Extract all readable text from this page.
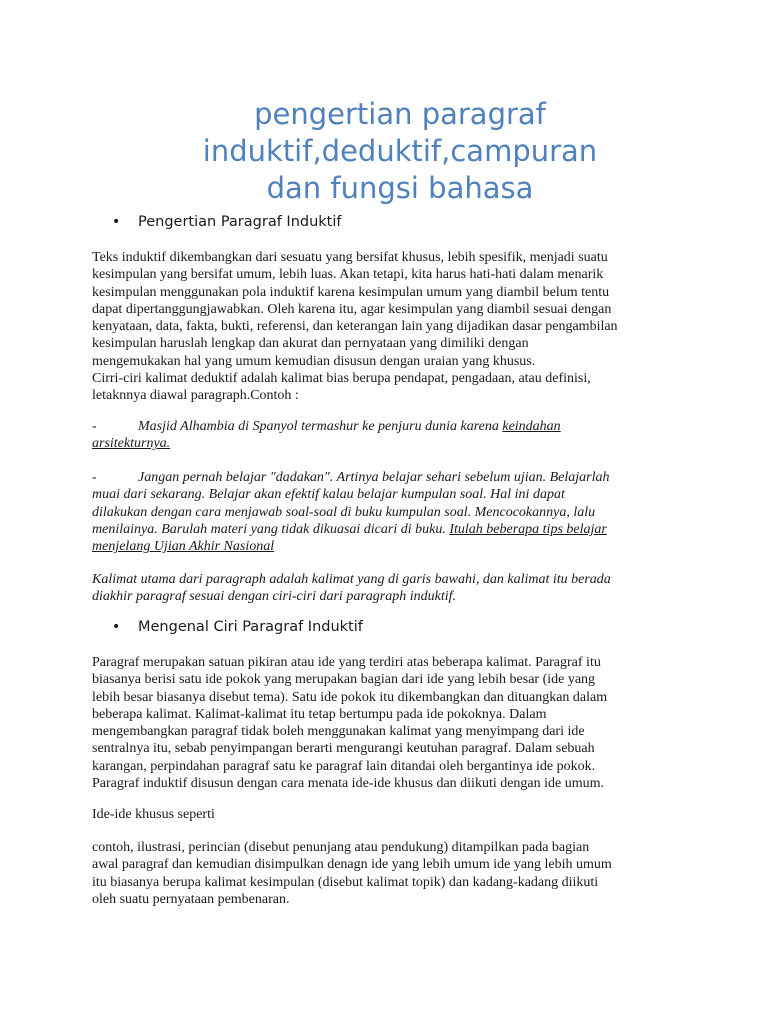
pengertian paragraf
induktif,deduktif,campuran
dan fungsi bahasa
• Pengertian Paragraf Induktif
Teks induktif dikembangkan dari sesuatu yang bersifat khusus, lebih spesifik, menjadi suatu
kesimpulan yang bersifat umum, lebih luas. Akan tetapi, kita harus hati-hati dalam menarik
kesimpulan menggunakan pola induktif karena kesimpulan umum yang diambil belum tentu
dapat dipertanggungjawabkan. Oleh karena itu, agar kesimpulan yang diambil sesuai dengan
kenyataan, data, fakta, bukti, referensi, dan keterangan lain yang dijadikan dasar pengambilan
kesimpulan haruslah lengkap dan akurat dan pernyataan yang dimiliki dengan
mengemukakan hal yang umum kemudian disusun dengan uraian yang khusus.
Cirri-ciri kalimat deduktif adalah kalimat bias berupa pendapat, pengadaan, atau definisi,
letaknnya diawal paragraph.Contoh :
-	Masjid Alhambia di Spanyol termashur ke penjuru dunia karena keindahan
arsitekturnya.
-	Jangan pernah belajar "dadakan". Artinya belajar sehari sebelum ujian. Belajarlah
muai dari sekarang. Belajar akan efektif kalau belajar kumpulan soal. Hal ini dapat
dilakukan dengan cara menjawab soal-soal di buku kumpulan soal. Mencocokannya, lalu
menilainya. Barulah materi yang tidak dikuasai dicari di buku. Itulah beberapa tips belajar
menjelang Ujian Akhir Nasional
Kalimat utama dari paragraph adalah kalimat yang di garis bawahi, dan kalimat itu berada
diakhir paragraf sesuai dengan ciri-ciri dari paragraph induktif.
• Mengenal Ciri Paragraf Induktif
Paragraf merupakan satuan pikiran atau ide yang terdiri atas beberapa kalimat. Paragraf itu
biasanya berisi satu ide pokok yang merupakan bagian dari ide yang lebih besar (ide yang
lebih besar biasanya disebut tema). Satu ide pokok itu dikembangkan dan dituangkan dalam
beberapa kalimat. Kalimat-kalimat itu tetap bertumpu pada ide pokoknya. Dalam
mengembangkan paragraf tidak boleh menggunakan kalimat yang menyimpang dari ide
sentralnya itu, sebab penyimpangan berarti mengurangi keutuhan paragraf. Dalam sebuah
karangan, perpindahan paragraf satu ke paragraf lain ditandai oleh bergantinya ide pokok.
Paragraf induktif disusun dengan cara menata ide-ide khusus dan diikuti dengan ide umum.
Ide-ide khusus seperti
contoh, ilustrasi, perincian (disebut penunjang atau pendukung) ditampilkan pada bagian
awal paragraf dan kemudian disimpulkan denagn ide yang lebih umum ide yang lebih umum
itu biasanya berupa kalimat kesimpulan (disebut kalimat topik) dan kadang-kadang diikuti
oleh suatu pernyataan pembenaran.
